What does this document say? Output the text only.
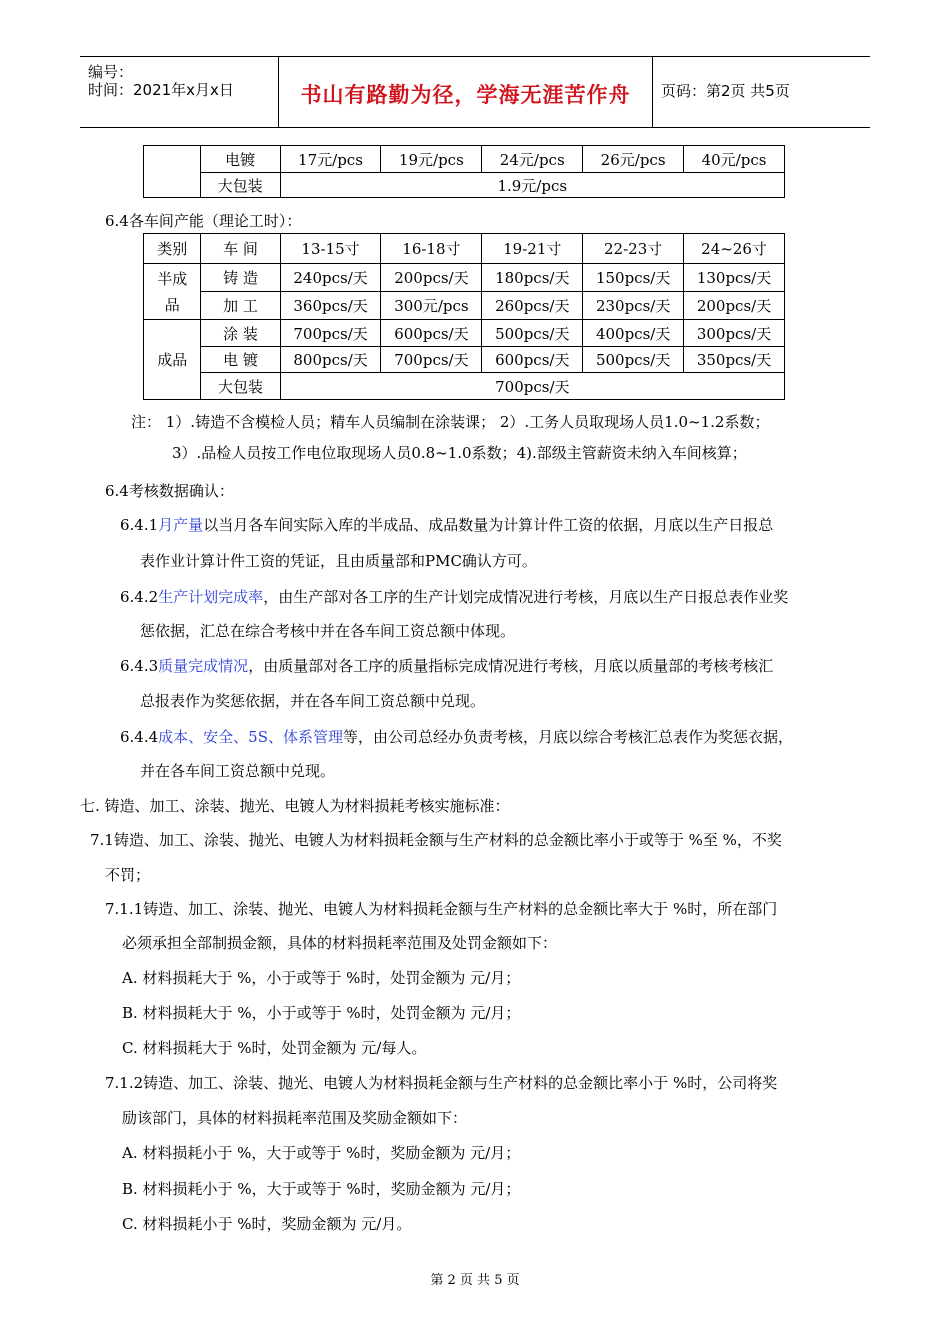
编号：
时间：2021年x月x日	书山有路勤为径，学海无涯苦作舟	页码：第2页 共5页
	电镀	17元/pcs	19元/pcs	24元/pcs	26元/pcs	40元/pcs
	大包装	1.9元/pcs				
6.4各车间产能（理论工时）：
类别	车 间	13-15寸	16-18寸	19-21寸	22-23寸	24~26寸
半成品	铸 造	240pcs/天	200pcs/天	180pcs/天	150pcs/天	130pcs/天
	加 工	360pcs/天	300元/pcs	260pcs/天	230pcs/天	200pcs/天
成品	涂 装	700pcs/天	600pcs/天	500pcs/天	400pcs/天	300pcs/天
	电 镀	800pcs/天	700pcs/天	600pcs/天	500pcs/天	350pcs/天
	大包装	700pcs/天				
注： 1）.铸造不含模检人员；精车人员编制在涂装课； 2）.工务人员取现场人员1.0~1.2系数；
3）.品检人员按工作电位取现场人员0.8~1.0系数；4).部级主管薪资未纳入车间核算；
6.4考核数据确认：
6.4.1月产量以当月各车间实际入库的半成品、成品数量为计算计件工资的依据，月底以生产日报总
表作业计算计件工资的凭证，且由质量部和PMC确认方可。
6.4.2生产计划完成率，由生产部对各工序的生产计划完成情况进行考核，月底以生产日报总表作业奖
惩依据，汇总在综合考核中并在各车间工资总额中体现。
6.4.3质量完成情况，由质量部对各工序的质量指标完成情况进行考核，月底以质量部的考核考核汇
总报表作为奖惩依据，并在各车间工资总额中兑现。
6.4.4成本、安全、5S、体系管理等，由公司总经办负责考核，月底以综合考核汇总表作为奖惩衣据，
并在各车间工资总额中兑现。
七. 铸造、加工、涂装、抛光、电镀人为材料损耗考核实施标准：
7.1铸造、加工、涂装、抛光、电镀人为材料损耗金额与生产材料的总金额比率小于或等于 %至 %，不奖
不罚；
7.1.1铸造、加工、涂装、抛光、电镀人为材料损耗金额与生产材料的总金额比率大于 %时，所在部门
必须承担全部制损金额，具体的材料损耗率范围及处罚金额如下：
A. 材料损耗大于 %，小于或等于 %时，处罚金额为 元/月；
B. 材料损耗大于 %，小于或等于 %时，处罚金额为 元/月；
C. 材料损耗大于 %时，处罚金额为 元/每人。
7.1.2铸造、加工、涂装、抛光、电镀人为材料损耗金额与生产材料的总金额比率小于 %时，公司将奖
励该部门，具体的材料损耗率范围及奖励金额如下：
A. 材料损耗小于 %，大于或等于 %时，奖励金额为 元/月；
B. 材料损耗小于 %，大于或等于 %时，奖励金额为 元/月；
C. 材料损耗小于 %时，奖励金额为 元/月。
第 2 页 共 5 页
